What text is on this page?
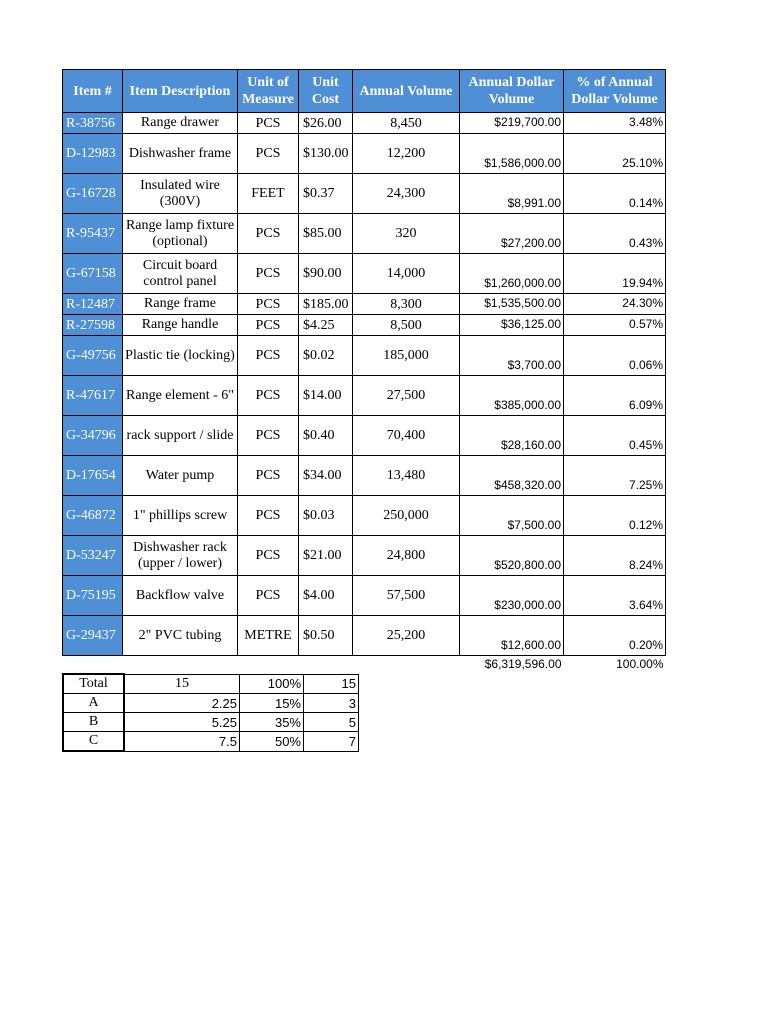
Item #	Item Description	Unit of Measure	Unit Cost	Annual Volume	Annual Dollar Volume	% of Annual Dollar Volume
R-38756	Range drawer	PCS	$26.00	8,450	$219,700.00	3.48%
D-12983	Dishwasher frame	PCS	$130.00	12,200	$1,586,000.00	25.10%
G-16728	Insulated wire (300V)	FEET	$0.37	24,300	$8,991.00	0.14%
R-95437	Range lamp fixture (optional)	PCS	$85.00	320	$27,200.00	0.43%
G-67158	Circuit board control panel	PCS	$90.00	14,000	$1,260,000.00	19.94%
R-12487	Range frame	PCS	$185.00	8,300	$1,535,500.00	24.30%
R-27598	Range handle	PCS	$4.25	8,500	$36,125.00	0.57%
G-49756	Plastic tie (locking)	PCS	$0.02	185,000	$3,700.00	0.06%
R-47617	Range element - 6"	PCS	$14.00	27,500	$385,000.00	6.09%
G-34796	rack support / slide	PCS	$0.40	70,400	$28,160.00	0.45%
D-17654	Water pump	PCS	$34.00	13,480	$458,320.00	7.25%
G-46872	1" phillips screw	PCS	$0.03	250,000	$7,500.00	0.12%
D-53247	Dishwasher rack (upper / lower)	PCS	$21.00	24,800	$520,800.00	8.24%
D-75195	Backflow valve	PCS	$4.00	57,500	$230,000.00	3.64%
G-29437	2" PVC tubing	METRE	$0.50	25,200	$12,600.00	0.20%
					$6,319,596.00	100.00%
Total	15	100%	15
A	2.25	15%	3
B	5.25	35%	5
C	7.5	50%	7
